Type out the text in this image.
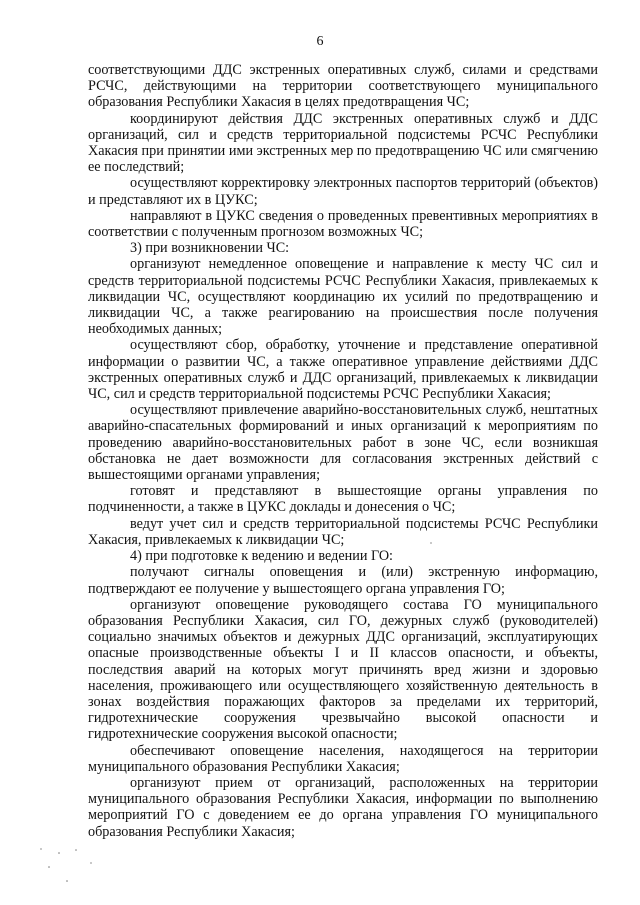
6

соответствующими ДДС экстренных оперативных служб, силами и средствами РСЧС, действующими на территории соответствующего муниципального образования Республики Хакасия в целях предотвращения ЧС;

координируют действия ДДС экстренных оперативных служб и ДДС организаций, сил и средств территориальной подсистемы РСЧС Республики Хакасия при принятии ими экстренных мер по предотвращению ЧС или смягчению ее последствий;

осуществляют корректировку электронных паспортов территорий (объектов) и представляют их в ЦУКС;

направляют в ЦУКС сведения о проведенных превентивных мероприятиях в соответствии с полученным прогнозом возможных ЧС;

3) при возникновении ЧС:

организуют немедленное оповещение и направление к месту ЧС сил и средств территориальной подсистемы РСЧС Республики Хакасия, привлекаемых к ликвидации ЧС, осуществляют координацию их усилий по предотвращению и ликвидации ЧС, а также реагированию на происшествия после получения необходимых данных;

осуществляют сбор, обработку, уточнение и представление оперативной информации о развитии ЧС, а также оперативное управление действиями ДДС экстренных оперативных служб и ДДС организаций, привлекаемых к ликвидации ЧС, сил и средств территориальной подсистемы РСЧС Республики Хакасия;

осуществляют привлечение аварийно-восстановительных служб, нештатных аварийно-спасательных формирований и иных организаций к мероприятиям по проведению аварийно-восстановительных работ в зоне ЧС, если возникшая обстановка не дает возможности для согласования экстренных действий с вышестоящими органами управления;

готовят и представляют в вышестоящие органы управления по подчиненности, а также в ЦУКС доклады и донесения о ЧС;

ведут учет сил и средств территориальной подсистемы РСЧС Республики Хакасия, привлекаемых к ликвидации ЧС;

4) при подготовке к ведению и ведении ГО:

получают сигналы оповещения и (или) экстренную информацию, подтверждают ее получение у вышестоящего органа управления ГО;

организуют оповещение руководящего состава ГО муниципального образования Республики Хакасия, сил ГО, дежурных служб (руководителей) социально значимых объектов и дежурных ДДС организаций, эксплуатирующих опасные производственные объекты I и II классов опасности, и объекты, последствия аварий на которых могут причинять вред жизни и здоровью населения, проживающего или осуществляющего хозяйственную деятельность в зонах воздействия поражающих факторов за пределами их территорий, гидротехнические сооружения чрезвычайно высокой опасности и гидротехнические сооружения высокой опасности;

обеспечивают оповещение населения, находящегося на территории муниципального образования Республики Хакасия;

организуют прием от организаций, расположенных на территории муниципального образования Республики Хакасия, информации по выполнению мероприятий ГО с доведением ее до органа управления ГО муниципального образования Республики Хакасия;
